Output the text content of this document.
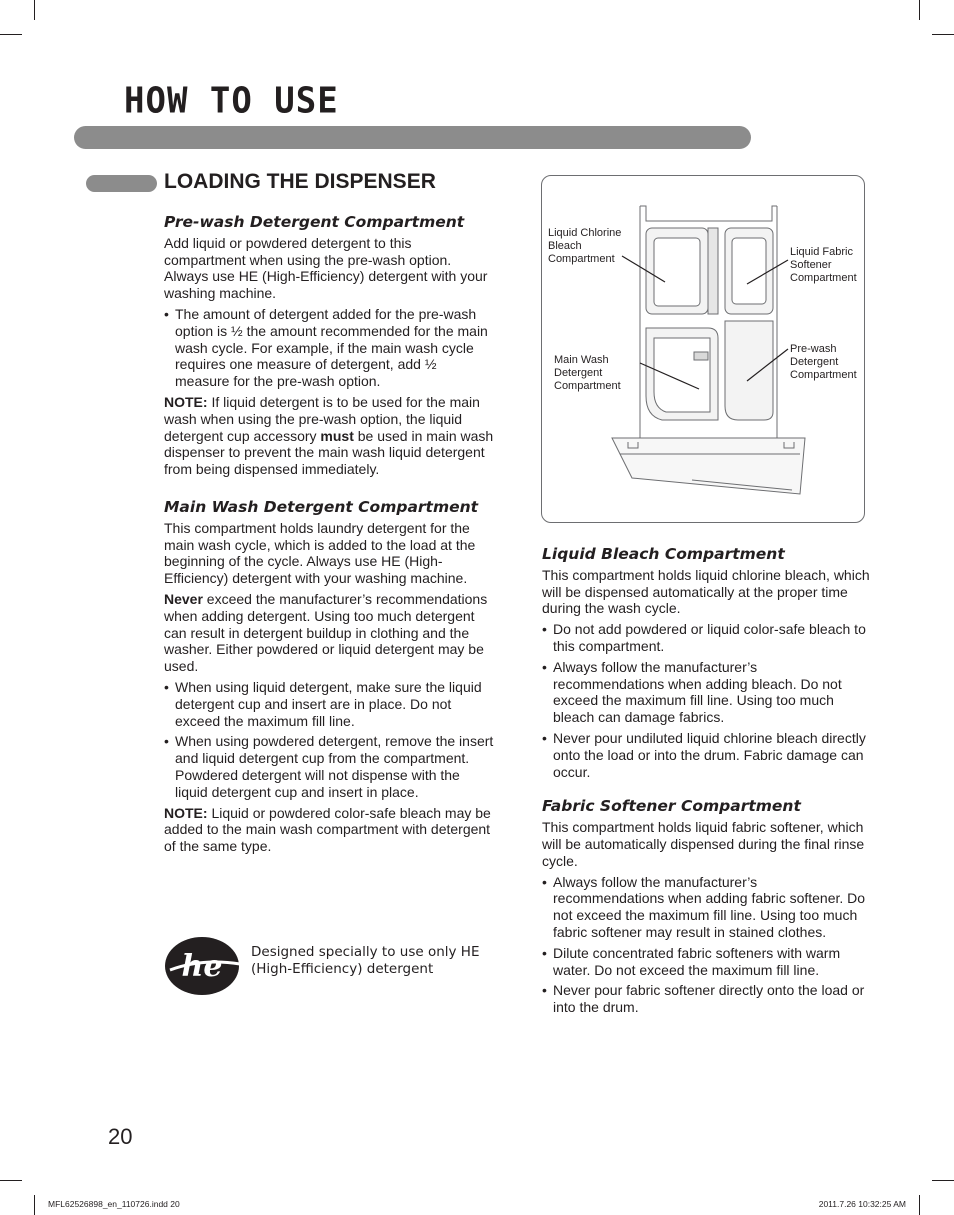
HOW TO USE
LOADING THE DISPENSER
Pre-wash Detergent Compartment

Add liquid or powdered detergent to this compartment when using the pre-wash option. Always use HE (High-Efficiency) detergent with your washing machine.

• The amount of detergent added for the pre-wash option is ½ the amount recommended for the main wash cycle. For example, if the main wash cycle requires one measure of detergent, add ½ measure for the pre-wash option.

NOTE: If liquid detergent is to be used for the main wash when using the pre-wash option, the liquid detergent cup accessory must be used in main wash dispenser to prevent the main wash liquid detergent from being dispensed immediately.

Main Wash Detergent Compartment

This compartment holds laundry detergent for the main wash cycle, which is added to the load at the beginning of the cycle. Always use HE (High-Efficiency) detergent with your washing machine.

Never exceed the manufacturer’s recommendations when adding detergent. Using too much detergent can result in detergent buildup in clothing and the washer. Either powdered or liquid detergent may be used.

• When using liquid detergent, make sure the liquid detergent cup and insert are in place. Do not exceed the maximum fill line.
• When using powdered detergent, remove the insert and liquid detergent cup from the compartment. Powdered detergent will not dispense with the liquid detergent cup and insert in place.

NOTE: Liquid or powdered color-safe bleach may be added to the main wash compartment with detergent of the same type.

he Designed specially to use only HE (High-Efficiency) detergent
Liquid Chlorine Bleach Compartment
Liquid Fabric Softener Compartment
Main Wash Detergent Compartment
Pre-wash Detergent Compartment
Liquid Bleach Compartment

This compartment holds liquid chlorine bleach, which will be dispensed automatically at the proper time during the wash cycle.

• Do not add powdered or liquid color-safe bleach to this compartment.
• Always follow the manufacturer’s recommendations when adding bleach. Do not exceed the maximum fill line. Using too much bleach can damage fabrics.
• Never pour undiluted liquid chlorine bleach directly onto the load or into the drum. Fabric damage can occur.
Fabric Softener Compartment

This compartment holds liquid fabric softener, which will be automatically dispensed during the final rinse cycle.

• Always follow the manufacturer’s recommendations when adding fabric softener. Do not exceed the maximum fill line. Using too much fabric softener may result in stained clothes.
• Dilute concentrated fabric softeners with warm water. Do not exceed the maximum fill line.
• Never pour fabric softener directly onto the load or into the drum.
20
MFL62526898_en_110726.indd 20	2011.7.26 10:32:25 AM
